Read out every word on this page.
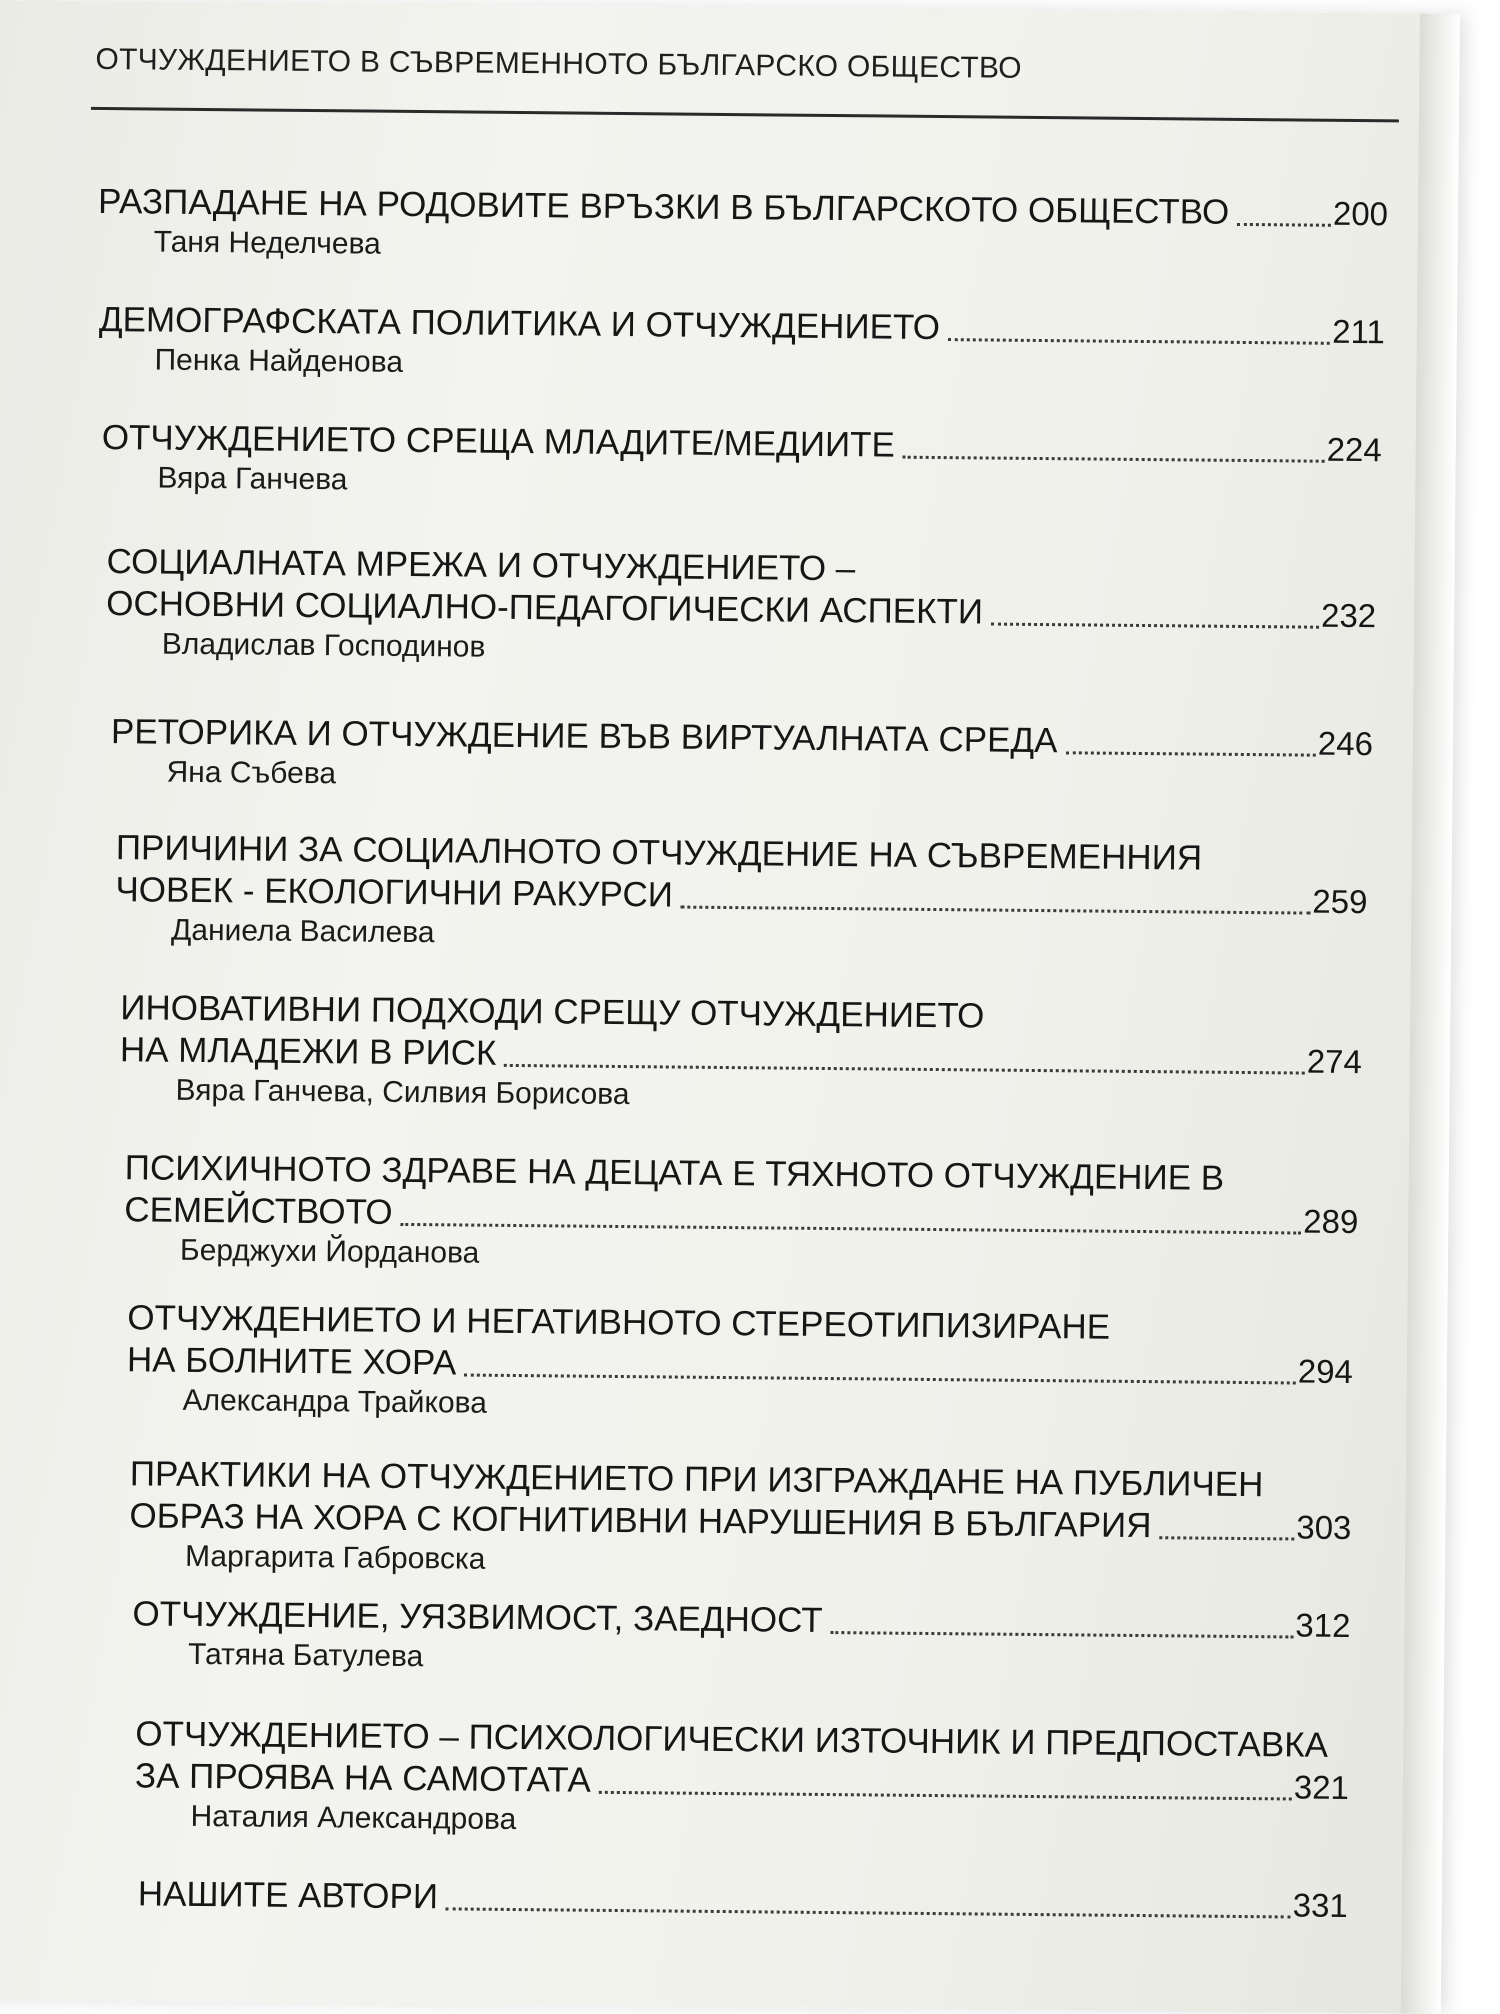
ОТЧУЖДЕНИЕТО В СЪВРЕМЕННОТО БЪЛГАРСКО ОБЩЕСТВО
РАЗПАДАНЕ НА РОДОВИТЕ ВРЪЗКИ В БЪЛГАРСКОТО ОБЩЕСТВО	200
Таня Неделчева
ДЕМОГРАФСКАТА ПОЛИТИКА И ОТЧУЖДЕНИЕТО	211
Пенка Найденова
ОТЧУЖДЕНИЕТО СРЕЩА МЛАДИТЕ/МЕДИИТЕ	224
Вяра Ганчева
СОЦИАЛНАТА МРЕЖА И ОТЧУЖДЕНИЕТО –
ОСНОВНИ СОЦИАЛНО-ПЕДАГОГИЧЕСКИ АСПЕКТИ	232
Владислав Господинов
РЕТОРИКА И ОТЧУЖДЕНИЕ ВЪВ ВИРТУАЛНАТА СРЕДА	246
Яна Събева
ПРИЧИНИ ЗА СОЦИАЛНОТО ОТЧУЖДЕНИЕ НА СЪВРЕМЕННИЯ
ЧОВЕК - ЕКОЛОГИЧНИ РАКУРСИ	259
Даниела Василева
ИНОВАТИВНИ ПОДХОДИ СРЕЩУ ОТЧУЖДЕНИЕТО
НА МЛАДЕЖИ В РИСК	274
Вяра Ганчева, Силвия Борисова
ПСИХИЧНОТО ЗДРАВЕ НА ДЕЦАТА Е ТЯХНОТО ОТЧУЖДЕНИЕ В
СЕМЕЙСТВОТО	289
Берджухи Йорданова
ОТЧУЖДЕНИЕТО И НЕГАТИВНОТО СТЕРЕОТИПИЗИРАНЕ
НА БОЛНИТЕ ХОРА	294
Александра Трайкова
ПРАКТИКИ НА ОТЧУЖДЕНИЕТО ПРИ ИЗГРАЖДАНЕ НА ПУБЛИЧЕН
ОБРАЗ НА ХОРА С КОГНИТИВНИ НАРУШЕНИЯ В БЪЛГАРИЯ	303
Маргарита Габровска
ОТЧУЖДЕНИЕ, УЯЗВИМОСТ, ЗАЕДНОСТ	312
Татяна Батулева
ОТЧУЖДЕНИЕТО – ПСИХОЛОГИЧЕСКИ ИЗТОЧНИК И ПРЕДПОСТАВКА
ЗА ПРОЯВА НА САМОТАТА	321
Наталия Александрова
НАШИТЕ АВТОРИ	331
